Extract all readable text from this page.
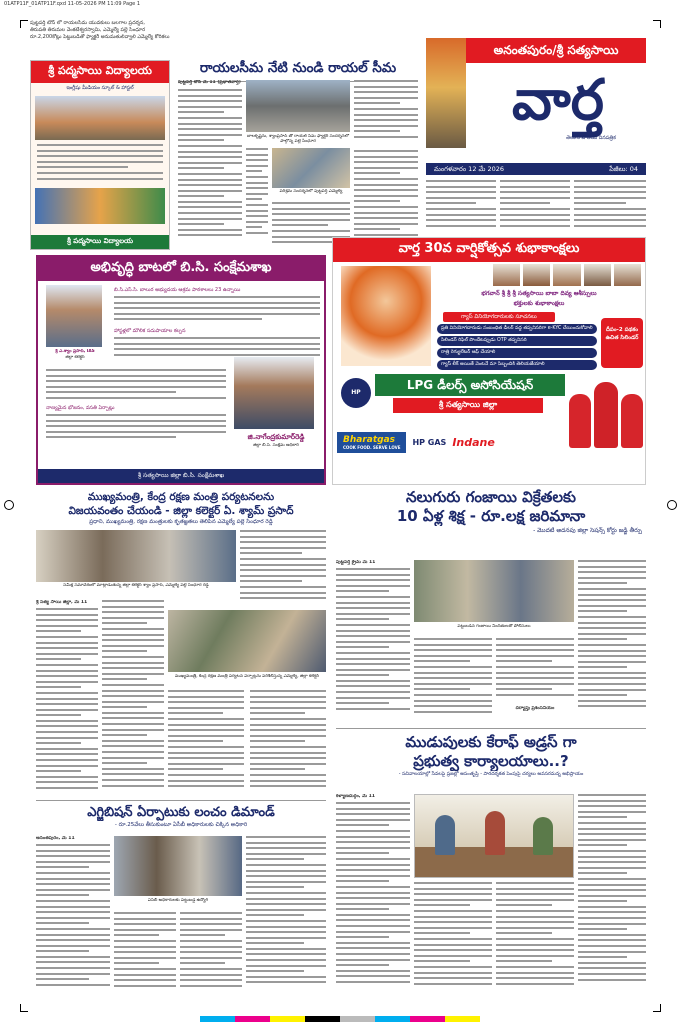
01ATP11F_01ATP11F.qxd 11-05-2026 PM 11:09 Page 1
పుట్టపర్తి టౌన్ లో రాయలసీమ యువకులు బలగాల ప్రదర్శన,
తిరుపతి తిరుమల వెంకటేశ్వరస్వామి, ఎమ్మెల్యే పల్లె సింధూర
రూ.2,200కోట్లు పెట్టుబడితో ఫ్యాక్టరీ అనుమతులివ్వాలి ఎమ్మెల్యే కోరికలు
అనంతపురం/శ్రీ సత్యసాయి
వార్త
తెలుగు జాతీయ దినపత్రిక
మంగళవారం 12 మే 2026	పేజీలు: 04
శ్రీ పద్మసాయి విద్యాలయ
ఇంగ్లీషు మీడియం స్కూల్ & హాస్టల్
శ్రీ పద్మసాయి విద్యాలయ
రాయలసీమ నేటి నుండి రాయల్ సీమ
పుట్టపర్తి టౌన్ మే 11 (ప్రభాతవార్త)
బాలకృష్ణను, శ్యాంప్రసాద్ తో రాయల్ సీమ ఫ్యాక్టరీ సందర్శనలో పాల్గొన్న పల్లె సింధూర
పరిశ్రమ సందర్శనలో పుట్టపర్తి ఎమ్మెల్యే
అభివృద్ధి బాటలో బి.సి. సంక్షేమశాఖ
శ్రీ ఎ.శ్యాం ప్రసాద్, IAS
జిల్లా కలెక్టర్
బి.సి.ఎస్.సి. బాలుర అభ్యుదయ ఆశ్రమ పాఠశాలలు 23 ఉన్నాయి
హాస్టళ్లలో మౌలిక సదుపాయాల కల్పన
నాణ్యమైన భోజనం, వసతి ఏర్పాట్లు
జి.నాగేంద్రకుమార్‌రెడ్డి
జిల్లా బి.సి. సంక్షేమ అధికారి
శ్రీ సత్యసాయి జిల్లా బి.సి. సంక్షేమశాఖ
వార్త 30వ వార్షికోత్సవ శుభాకాంక్షలు
భగవాన్ శ్రీ శ్రీ శ్రీ సత్యసాయి బాబా దివ్య ఆశీస్సులు
భక్తులకు శుభాకాంక్షలు
గ్యాస్ వినియోగదారులకు సూచనలు
ప్రతి వినియోగదారుడు సంబంధిత డీలర్ వద్ద తప్పనిసరిగా e-KYC చేయించుకోవాలి
సిలిండర్ రిఫిల్ పొందేటప్పుడు OTP తప్పనిసరి
రాత్రి రెగ్యులేటర్ ఆఫ్ చేయాలి
గ్యాస్ లీక్ అయితే వెంటనే మా సిబ్బందికి తెలియజేయాలి
దీపం-2 పథకం ఉచిత సిలిండర్
HP
LPG డీలర్స్ అసోసియేషన్
శ్రీ సత్యసాయి జిల్లా
Bharatgas
COOK FOOD. SERVE LOVE
HP GAS Indane
ముఖ్యమంత్రి, కేంద్ర రక్షణ మంత్రి పర్యటనలను
విజయవంతం చేయండి - జిల్లా కలెక్టర్ ఏ. శ్యామ్ ప్రసాద్
ప్రధాని, ముఖ్యమంత్రి, రక్షణ మంత్రులకు కృతజ్ఞతలు తెలిపిన ఎమ్మెల్యే పల్లె సింధూర రెడ్డి
సమీక్ష సమావేశంలో మాట్లాడుతున్న జిల్లా కలెక్టర్ శ్యాం ప్రసాద్, ఎమ్మెల్యే పల్లె సింధూర రెడ్డి
శ్రీ సత్య సాయి జిల్లా, మే 11
ముఖ్యమంత్రి, కేంద్ర రక్షణ మంత్రి పర్యటన ఏర్పాట్లను పరిశీలిస్తున్న ఎమ్మెల్యే, జిల్లా కలెక్టర్
నలుగురు గంజాయి విక్రేతలకు
10 ఏళ్ల శిక్ష - రూ.లక్ష జరిమానా
- మొదటి అదనపు జిల్లా సెషన్స్ కోర్టు జడ్జి తీర్పు
పుట్టపర్తి క్రైమ్ మే 11
పట్టుబడిన గంజాయి నిందితులతో పోలీసులు
దర్యాప్తు ప్రశంసనీయం
ముడుపులకు కేరాఫ్ అడ్రస్ గా
ప్రభుత్వ కార్యాలయాలు..?
- సచివాలయాల్లో సేవలపై ప్రజల్లో అసంతృప్తి - పారదర్శకత పెంపుపై చర్యలు అవసరమన్న అభిప్రాయం
కళ్యాణదుర్గం, మే 11
ఎగ్జిబిషన్ ఏర్పాటుకు లంచం డిమాండ్
- రూ.25వేలు తీసుకుంటూ ఏసీబీ అధికారులకు చిక్కిన అధికారి
అనంతపురం, మే 11
ఏసీబీ అధికారులకు పట్టుబడ్డ ఉద్యోగి
